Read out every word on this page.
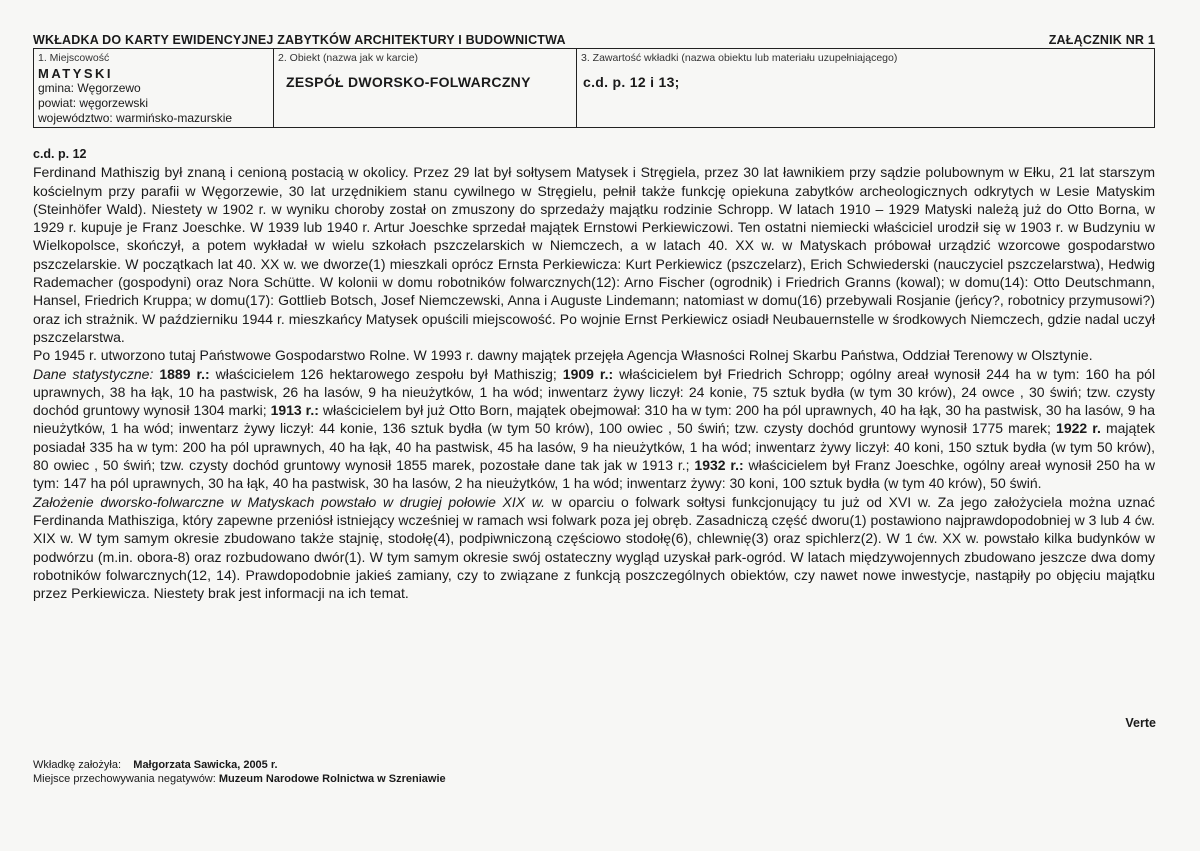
WKŁADKA DO KARTY EWIDENCYJNEJ ZABYTKÓW ARCHITEKTURY I BUDOWNICTWA	ZAŁĄCZNIK NR 1
1. Miejscowość
MATYSKI
gmina: Węgorzewo
powiat: węgorzewski
województwo: warmińsko-mazurskie
2. Obiekt (nazwa jak w karcie)
ZESPÓŁ DWORSKO-FOLWARCZNY
3. Zawartość wkładki (nazwa obiektu lub materiału uzupełniającego)
c.d. p. 12 i 13;
c.d. p. 12

Ferdinand Mathiszig był znaną i cenioną postacią w okolicy. Przez 29 lat był sołtysem Matysek i Stręgiela, przez 30 lat ławnikiem przy sądzie polubownym w Ełku, 21 lat starszym kościelnym przy parafii w Węgorzewie, 30 lat urzędnikiem stanu cywilnego w Stręgielu, pełnił także funkcję opiekuna zabytków archeologicznych odkrytych w Lesie Matyskim (Steinhöfer Wald). Niestety w 1902 r. w wyniku choroby został on zmuszony do sprzedaży majątku rodzinie Schropp. W latach 1910 – 1929 Matyski należą już do Otto Borna, w 1929 r. kupuje je Franz Joeschke. W 1939 lub 1940 r. Artur Joeschke sprzedał majątek Ernstowi Perkiewiczowi. Ten ostatni niemiecki właściciel urodził się w 1903 r. w Budzyniu w Wielkopolsce, skończył, a potem wykładał w wielu szkołach pszczelarskich w Niemczech, a w latach 40. XX w. w Matyskach próbował urządzić wzorcowe gospodarstwo pszczelarskie. W początkach lat 40. XX w. we dworze(1) mieszkali oprócz Ernsta Perkiewicza: Kurt Perkiewicz (pszczelarz), Erich Schwiederski (nauczyciel pszczelarstwa), Hedwig Rademacher (gospodyni) oraz Nora Schütte. W kolonii w domu robotników folwarcznych(12): Arno Fischer (ogrodnik) i Friedrich Granns (kowal); w domu(14): Otto Deutschmann, Hansel, Friedrich Kruppa; w domu(17): Gottlieb Botsch, Josef Niemczewski, Anna i Auguste Lindemann; natomiast w domu(16) przebywali Rosjanie (jeńcy?, robotnicy przymusowi?) oraz ich strażnik. W październiku 1944 r. mieszkańcy Matysek opuścili miejscowość. Po wojnie Ernst Perkiewicz osiadł Neubauernstelle w środkowych Niemczech, gdzie nadal uczył pszczelarstwa.

Po 1945 r. utworzono tutaj Państwowe Gospodarstwo Rolne. W 1993 r. dawny majątek przejęła Agencja Własności Rolnej Skarbu Państwa, Oddział Terenowy w Olsztynie.

Dane statystyczne: 1889 r.: właścicielem 126 hektarowego zespołu był Mathiszig; 1909 r.: właścicielem był Friedrich Schropp; ogólny areał wynosił 244 ha w tym: 160 ha pól uprawnych, 38 ha łąk, 10 ha pastwisk, 26 ha lasów, 9 ha nieużytków, 1 ha wód; inwentarz żywy liczył: 24 konie, 75 sztuk bydła (w tym 30 krów), 24 owce , 30 świń; tzw. czysty dochód gruntowy wynosił 1304 marki; 1913 r.: właścicielem był już Otto Born, majątek obejmował: 310 ha w tym: 200 ha pól uprawnych, 40 ha łąk, 30 ha pastwisk, 30 ha lasów, 9 ha nieużytków, 1 ha wód; inwentarz żywy liczył: 44 konie, 136 sztuk bydła (w tym 50 krów), 100 owiec , 50 świń; tzw. czysty dochód gruntowy wynosił 1775 marek; 1922 r. majątek posiadał 335 ha w tym: 200 ha pól uprawnych, 40 ha łąk, 40 ha pastwisk, 45 ha lasów, 9 ha nieużytków, 1 ha wód; inwentarz żywy liczył: 40 koni, 150 sztuk bydła (w tym 50 krów), 80 owiec , 50 świń; tzw. czysty dochód gruntowy wynosił 1855 marek, pozostałe dane tak jak w 1913 r.; 1932 r.: właścicielem był Franz Joeschke, ogólny areał wynosił 250 ha w tym: 147 ha pól uprawnych, 30 ha łąk, 40 ha pastwisk, 30 ha lasów, 2 ha nieużytków, 1 ha wód; inwentarz żywy: 30 koni, 100 sztuk bydła (w tym 40 krów), 50 świń.

Założenie dworsko-folwarczne w Matyskach powstało w drugiej połowie XIX w. w oparciu o folwark sołtysi funkcjonujący tu już od XVI w. Za jego założyciela można uznać Ferdinanda Mathisziga, który zapewne przeniósł istniejący wcześniej w ramach wsi folwark poza jej obręb. Zasadniczą część dworu(1) postawiono najprawdopodobniej w 3 lub 4 ćw. XIX w. W tym samym okresie zbudowano także stajnię, stodołę(4), podpiwniczoną częściowo stodołę(6), chlewnię(3) oraz spichlerz(2). W 1 ćw. XX w. powstało kilka budynków w podwórzu (m.in. obora-8) oraz rozbudowano dwór(1). W tym samym okresie swój ostateczny wygląd uzyskał park-ogród. W latach międzywojennych zbudowano jeszcze dwa domy robotników folwarcznych(12, 14). Prawdopodobnie jakieś zamiany, czy to związane z funkcją poszczególnych obiektów, czy nawet nowe inwestycje, nastąpiły po objęciu majątku przez Perkiewicza. Niestety brak jest informacji na ich temat.

Verte
Wkładkę założyła: Małgorzata Sawicka, 2005 r.
Miejsce przechowywania negatywów: Muzeum Narodowe Rolnictwa w Szreniawie
